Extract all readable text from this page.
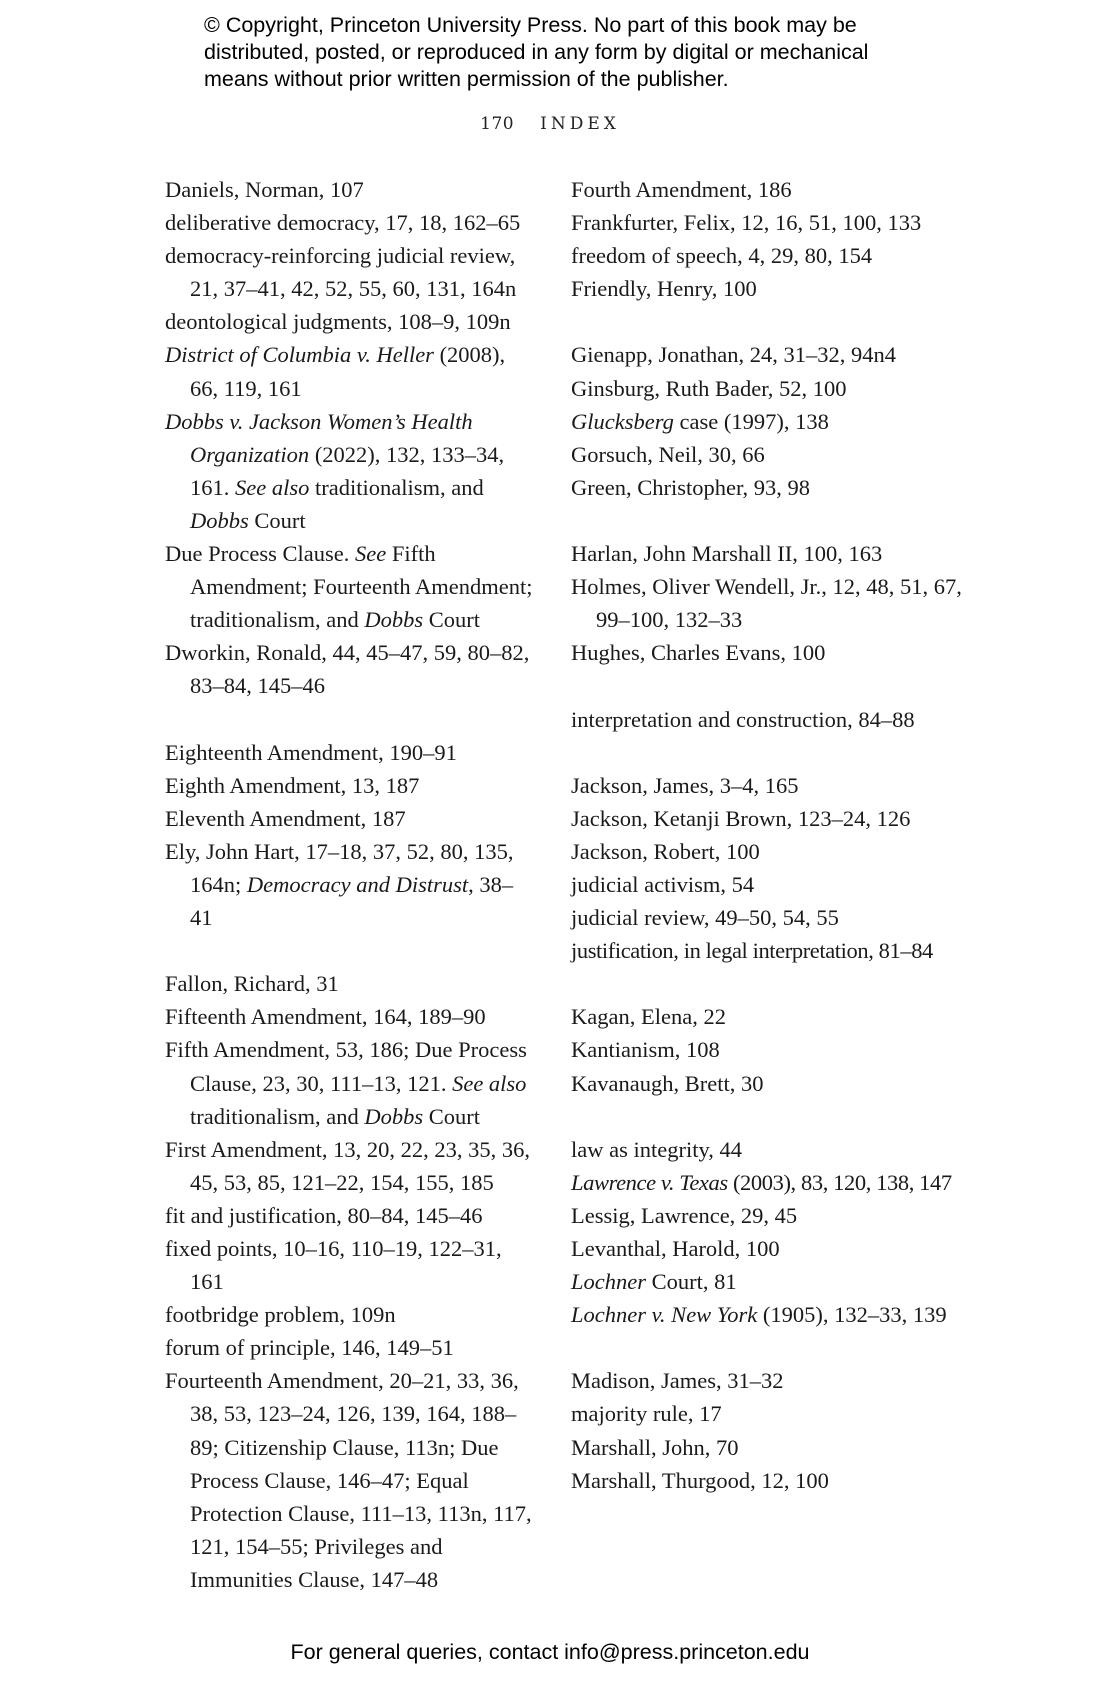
© Copyright, Princeton University Press. No part of this book may be distributed, posted, or reproduced in any form by digital or mechanical means without prior written permission of the publisher.
170 INDEX
Daniels, Norman, 107
deliberative democracy, 17, 18, 162–65
democracy-reinforcing judicial review, 21, 37–41, 42, 52, 55, 60, 131, 164n
deontological judgments, 108–9, 109n
District of Columbia v. Heller (2008), 66, 119, 161
Dobbs v. Jackson Women’s Health Organization (2022), 132, 133–34, 161. See also traditionalism, and Dobbs Court
Due Process Clause. See Fifth Amendment; Fourteenth Amendment; traditionalism, and Dobbs Court
Dworkin, Ronald, 44, 45–47, 59, 80–82, 83–84, 145–46
Eighteenth Amendment, 190–91
Eighth Amendment, 13, 187
Eleventh Amendment, 187
Ely, John Hart, 17–18, 37, 52, 80, 135, 164n; Democracy and Distrust, 38–41
Fallon, Richard, 31
Fifteenth Amendment, 164, 189–90
Fifth Amendment, 53, 186; Due Process Clause, 23, 30, 111–13, 121. See also traditionalism, and Dobbs Court
First Amendment, 13, 20, 22, 23, 35, 36, 45, 53, 85, 121–22, 154, 155, 185
fit and justification, 80–84, 145–46
fixed points, 10–16, 110–19, 122–31, 161
footbridge problem, 109n
forum of principle, 146, 149–51
Fourteenth Amendment, 20–21, 33, 36, 38, 53, 123–24, 126, 139, 164, 188–89; Citizenship Clause, 113n; Due Process Clause, 146–47; Equal Protection Clause, 111–13, 113n, 117, 121, 154–55; Privileges and Immunities Clause, 147–48
Fourth Amendment, 186
Frankfurter, Felix, 12, 16, 51, 100, 133
freedom of speech, 4, 29, 80, 154
Friendly, Henry, 100
Gienapp, Jonathan, 24, 31–32, 94n4
Ginsburg, Ruth Bader, 52, 100
Glucksberg case (1997), 138
Gorsuch, Neil, 30, 66
Green, Christopher, 93, 98
Harlan, John Marshall II, 100, 163
Holmes, Oliver Wendell, Jr., 12, 48, 51, 67, 99–100, 132–33
Hughes, Charles Evans, 100
interpretation and construction, 84–88
Jackson, James, 3–4, 165
Jackson, Ketanji Brown, 123–24, 126
Jackson, Robert, 100
judicial activism, 54
judicial review, 49–50, 54, 55
justification, in legal interpretation, 81–84
Kagan, Elena, 22
Kantianism, 108
Kavanaugh, Brett, 30
law as integrity, 44
Lawrence v. Texas (2003), 83, 120, 138, 147
Lessig, Lawrence, 29, 45
Levanthal, Harold, 100
Lochner Court, 81
Lochner v. New York (1905), 132–33, 139
Madison, James, 31–32
majority rule, 17
Marshall, John, 70
Marshall, Thurgood, 12, 100
For general queries, contact info@press.princeton.edu
